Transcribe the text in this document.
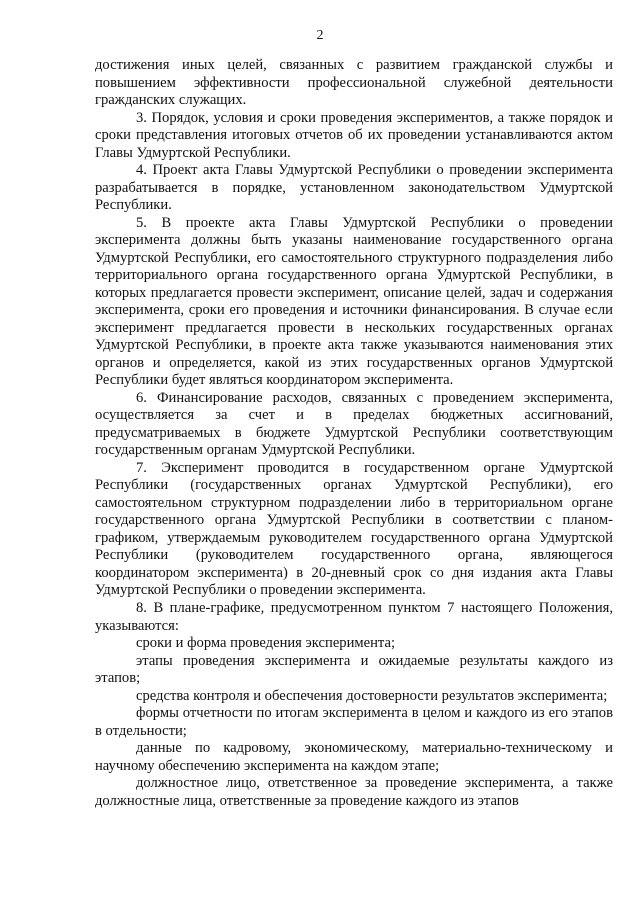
2

достижения иных целей, связанных с развитием гражданской службы и повышением эффективности профессиональной служебной деятельности гражданских служащих.

3. Порядок, условия и сроки проведения экспериментов, а также порядок и сроки представления итоговых отчетов об их проведении устанавливаются актом Главы Удмуртской Республики.

4. Проект акта Главы Удмуртской Республики о проведении эксперимента разрабатывается в порядке, установленном законодательством Удмуртской Республики.

5. В проекте акта Главы Удмуртской Республики о проведении эксперимента должны быть указаны наименование государственного органа Удмуртской Республики, его самостоятельного структурного подразделения либо территориального органа государственного органа Удмуртской Республики, в которых предлагается провести эксперимент, описание целей, задач и содержания эксперимента, сроки его проведения и источники финансирования. В случае если эксперимент предлагается провести в нескольких государственных органах Удмуртской Республики, в проекте акта также указываются наименования этих органов и определяется, какой из этих государственных органов Удмуртской Республики будет являться координатором эксперимента.

6. Финансирование расходов, связанных с проведением эксперимента, осуществляется за счет и в пределах бюджетных ассигнований, предусматриваемых в бюджете Удмуртской Республики соответствующим государственным органам Удмуртской Республики.

7. Эксперимент проводится в государственном органе Удмуртской Республики (государственных органах Удмуртской Республики), его самостоятельном структурном подразделении либо в территориальном органе государственного органа Удмуртской Республики в соответствии с планом-графиком, утверждаемым руководителем государственного органа Удмуртской Республики (руководителем государственного органа, являющегося координатором эксперимента) в 20-дневный срок со дня издания акта Главы Удмуртской Республики о проведении эксперимента.

8. В плане-графике, предусмотренном пунктом 7 настоящего Положения, указываются:

сроки и форма проведения эксперимента;

этапы проведения эксперимента и ожидаемые результаты каждого из этапов;

средства контроля и обеспечения достоверности результатов эксперимента;

формы отчетности по итогам эксперимента в целом и каждого из его этапов в отдельности;

данные по кадровому, экономическому, материально-техническому и научному обеспечению эксперимента на каждом этапе;

должностное лицо, ответственное за проведение эксперимента, а также должностные лица, ответственные за проведение каждого из этапов
